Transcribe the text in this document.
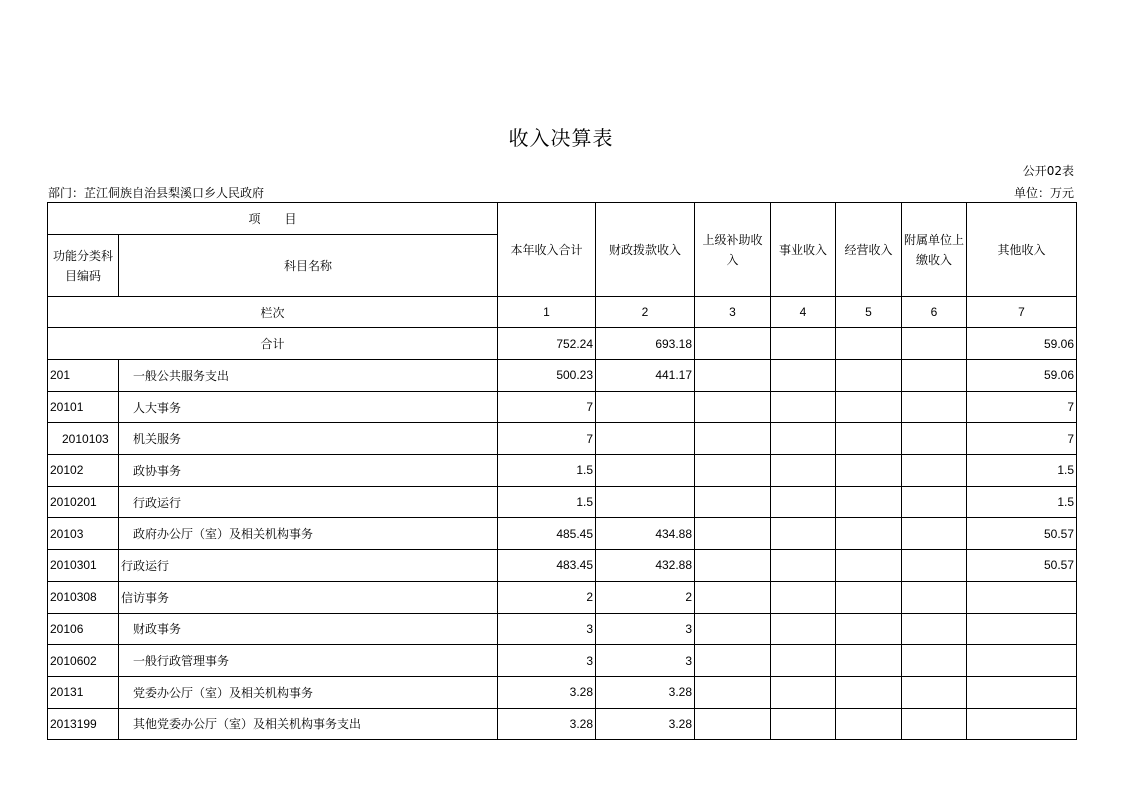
收入决算表
公开02表
部门：芷江侗族自治县梨溪口乡人民政府	单位：万元
项　　目		本年收入合计	财政拨款收入	上级补助收入	事业收入	经营收入	附属单位上缴收入	其他收入
功能分类科目编码	科目名称							
栏次		1	2	3	4	5	6	7
合计		752.24	693.18					59.06
201	一般公共服务支出	500.23	441.17					59.06
20101	人大事务	7						7
2010103	机关服务	7						7
20102	政协事务	1.5						1.5
2010201	行政运行	1.5						1.5
20103	政府办公厅（室）及相关机构事务	485.45	434.88					50.57
2010301	行政运行	483.45	432.88					50.57
2010308	信访事务	2	2					
20106	财政事务	3	3					
2010602	一般行政管理事务	3	3					
20131	党委办公厅（室）及相关机构事务	3.28	3.28					
2013199	其他党委办公厅（室）及相关机构事务支出	3.28	3.28					
